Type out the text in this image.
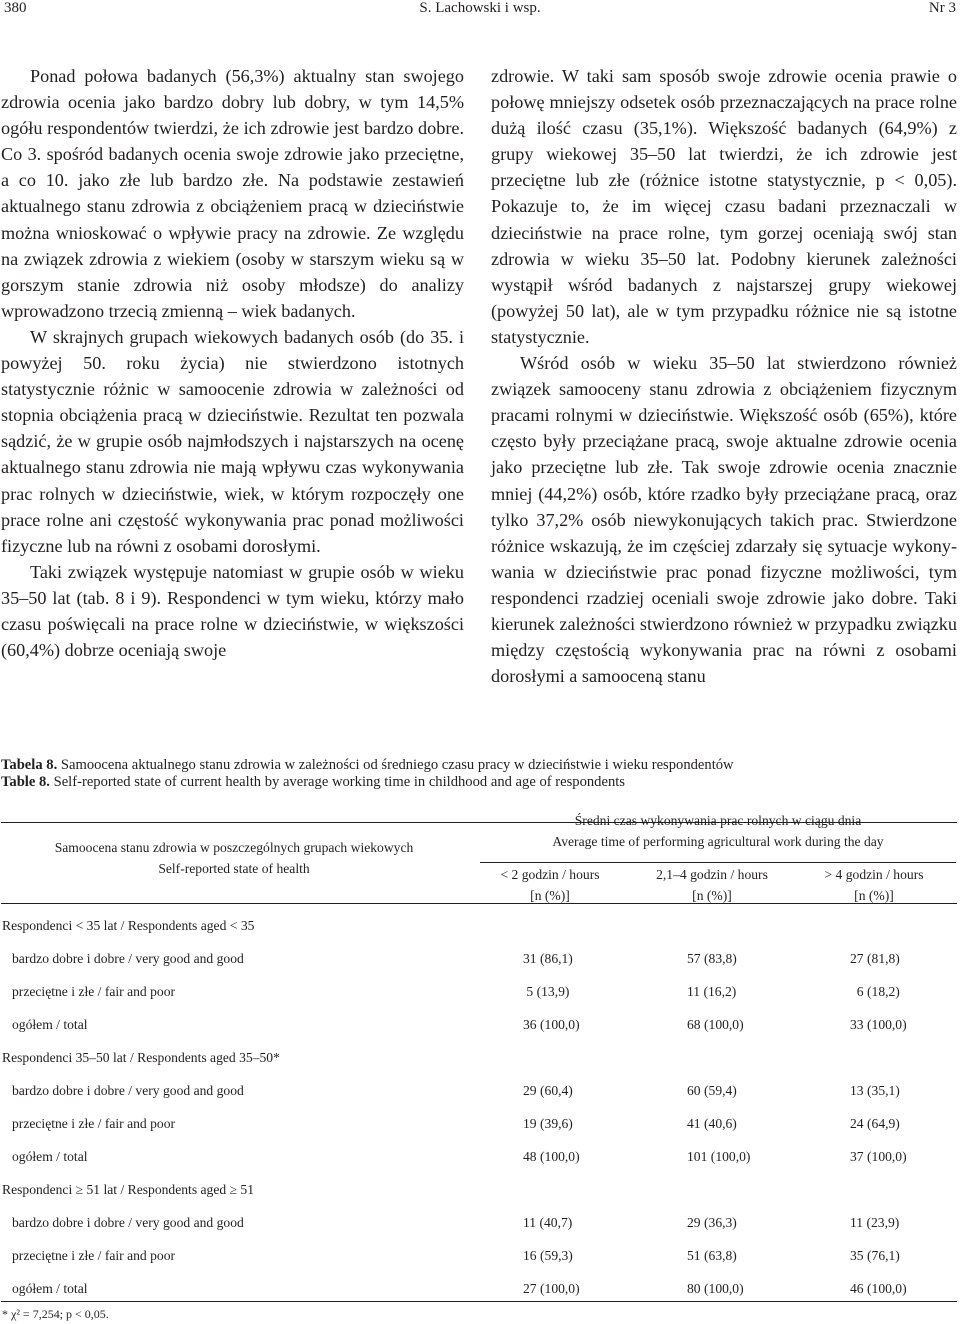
380	S. Lachowski i wsp.	Nr 3

Ponad połowa badanych (56,3%) aktualny stan swojego zdrowia ocenia jako bardzo dobry lub dobry, w tym 14,5% ogółu respondentów twierdzi, że ich zdrowie jest bardzo dobre. Co 3. spośród badanych ocenia swoje zdrowie jako przeciętne, a co 10. jako złe lub bardzo złe. Na podstawie zestawień aktualnego stanu zdrowia z obciążeniem pracą w dzieciństwie można wnioskować o wpływie pracy na zdrowie. Ze względu na związek zdrowia z wiekiem (osoby w starszym wieku są w gorszym stanie zdrowia niż osoby młodsze) do analizy wprowadzono trzecią zmienną – wiek badanych.

W skrajnych grupach wiekowych badanych osób (do 35. i powyżej 50. roku życia) nie stwierdzono istotnych statystycznie różnic w samoocenie zdrowia w zależności od stopnia obciążenia pracą w dzieciństwie. Rezultat ten pozwala sądzić, że w grupie osób najmłodszych i najstarszych na ocenę aktualnego stanu zdrowia nie mają wpływu czas wykonywania prac rolnych w dzieciństwie, wiek, w którym rozpoczęły one prace rolne ani częstość wykonywania prac ponad możliwości fizyczne lub na równi z osobami dorosłymi.

Taki związek występuje natomiast w grupie osób w wieku 35–50 lat (tab. 8 i 9). Respondenci w tym wieku, którzy mało czasu poświęcali na prace rolne w dzieciństwie, w większości (60,4%) dobrze oceniają swoje

zdrowie. W taki sam sposób swoje zdrowie ocenia prawie o połowę mniejszy odsetek osób przeznaczających na prace rolne dużą ilość czasu (35,1%). Większość badanych (64,9%) z grupy wiekowej 35–50 lat twierdzi, że ich zdrowie jest przeciętne lub złe (różnice istotne statystycznie, p < 0,05). Pokazuje to, że im więcej czasu badani przeznaczali w dzieciństwie na prace rolne, tym gorzej oceniają swój stan zdrowia w wieku 35–50 lat. Podobny kierunek zależności wystąpił wśród badanych z najstarszej grupy wiekowej (powyżej 50 lat), ale w tym przypadku różnice nie są istotne statystycznie.

Wśród osób w wieku 35–50 lat stwierdzono również związek samooceny stanu zdrowia z obciążeniem fizycznym pracami rolnymi w dzieciństwie. Większość osób (65%), które często były przeciążane pracą, swoje aktualne zdrowie ocenia jako przeciętne lub złe. Tak swoje zdrowie ocenia znacznie mniej (44,2%) osób, które rzadko były przeciążane pracą, oraz tylko 37,2% osób niewykonujących takich prac. Stwierdzone różnice wskazują, że im częściej zdarzały się sytuacje wykonywania w dzieciństwie prac ponad fizyczne możliwości, tym respondenci rzadziej oceniali swoje zdrowie jako dobre. Taki kierunek zależności stwierdzono również w przypadku związku między częstością wykonywania prac na równi z osobami dorosłymi a samooceną stanu

Tabela 8. Samoocena aktualnego stanu zdrowia w zależności od średniego czasu pracy w dzieciństwie i wieku respondentów
Table 8. Self-reported state of current health by average working time in childhood and age of respondents
Samoocena stanu zdrowia w poszczególnych grupach wiekowych
Self-reported state of health
Średni czas wykonywania prac rolnych w ciągu dnia
Average time of performing agricultural work during the day
< 2 godzin / hours
[n (%)]
2,1–4 godzin / hours
[n (%)]
> 4 godzin / hours
[n (%)]
Respondenci < 35 lat / Respondents aged < 35
bardzo dobre i dobre / very good and good	31 (86,1)	57 (83,8)	27 (81,8)
przeciętne i złe / fair and poor	5 (13,9)	11 (16,2)	6 (18,2)
ogółem / total	36 (100,0)	68 (100,0)	33 (100,0)
Respondenci 35–50 lat / Respondents aged 35–50*
bardzo dobre i dobre / very good and good	29 (60,4)	60 (59,4)	13 (35,1)
przeciętne i złe / fair and poor	19 (39,6)	41 (40,6)	24 (64,9)
ogółem / total	48 (100,0)	101 (100,0)	37 (100,0)
Respondenci ≥ 51 lat / Respondents aged ≥ 51
bardzo dobre i dobre / very good and good	11 (40,7)	29 (36,3)	11 (23,9)
przeciętne i złe / fair and poor	16 (59,3)	51 (63,8)	35 (76,1)
ogółem / total	27 (100,0)	80 (100,0)	46 (100,0)
* χ² = 7,254; p < 0,05.
